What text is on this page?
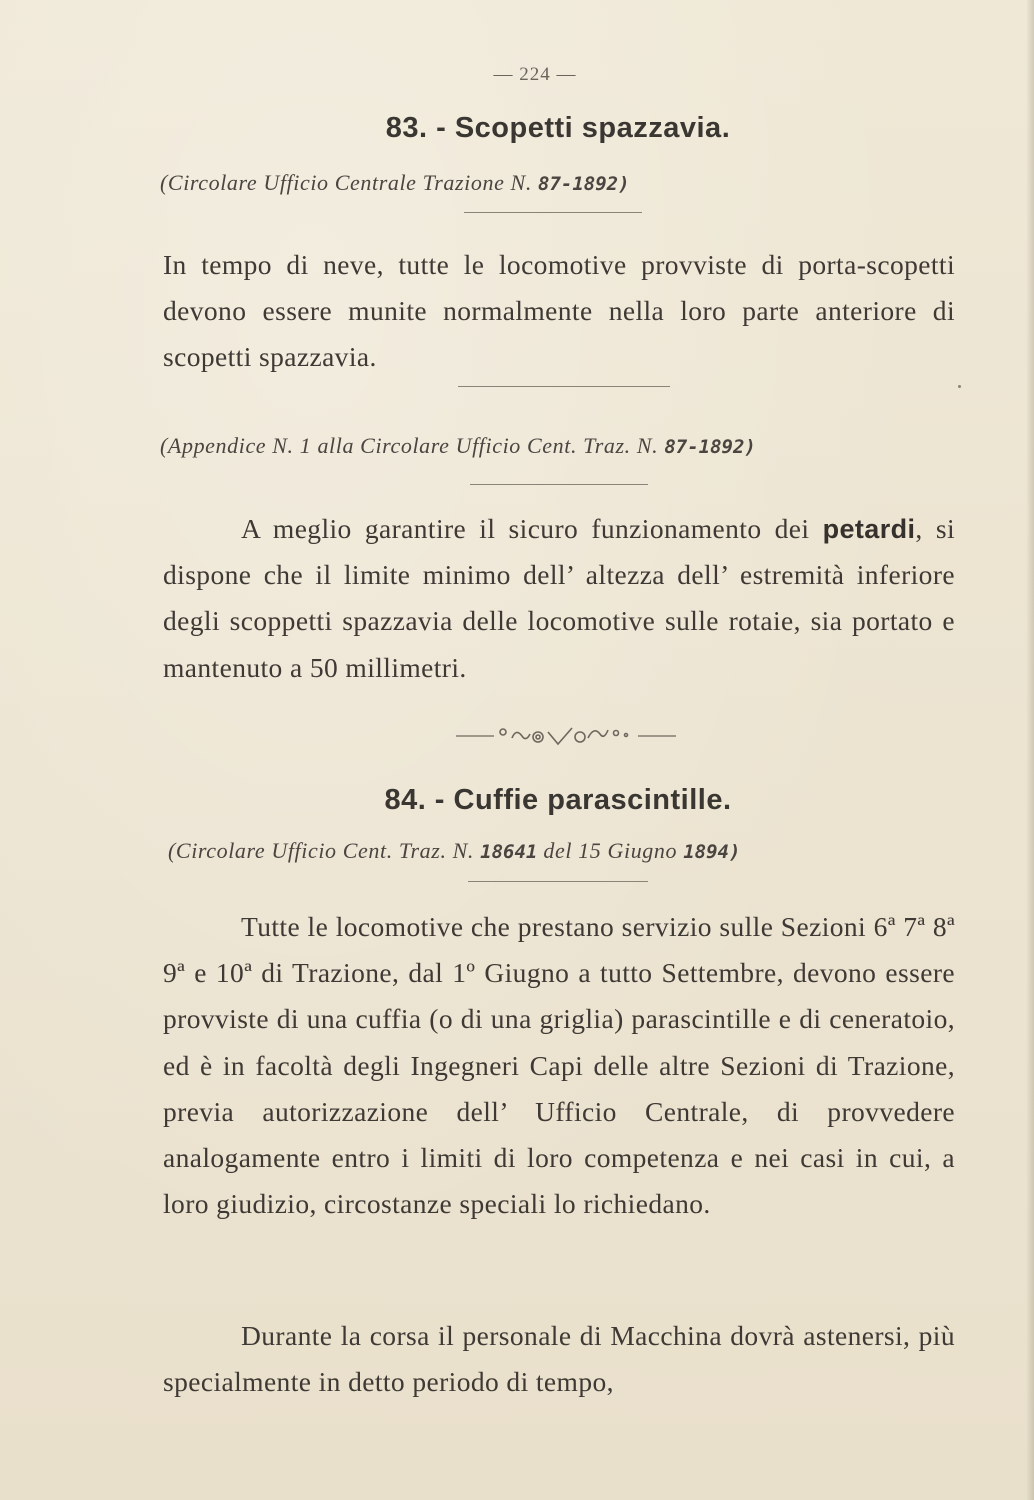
— 224 —
83. - Scopetti spazzavia.
(Circolare Ufficio Centrale Trazione N. 87-1892)
In tempo di neve, tutte le locomotive provviste di porta-scopetti devono essere munite normalmente nella loro parte anteriore di scopetti spazzavia.
(Appendice N. 1 alla Circolare Ufficio Cent. Traz. N. 87-1892)
A meglio garantire il sicuro funzionamento dei petardi, si dispone che il limite minimo dell’ altezza dell’ estremità inferiore degli scoppetti spazzavia delle locomotive sulle rotaie, sia portato e mantenuto a 50 millimetri.
84. - Cuffie parascintille.
(Circolare Ufficio Cent. Traz. N. 18641 del 15 Giugno 1894)
Tutte le locomotive che prestano servizio sulle Sezioni 6ª 7ª 8ª 9ª e 10ª di Trazione, dal 1º Giugno a tutto Settembre, devono essere provviste di una cuffia (o di una griglia) parascintille e di ceneratoio, ed è in facoltà degli Ingegneri Capi delle altre Sezioni di Trazione, previa autorizzazione dell’ Ufficio Centrale, di provvedere analogamente entro i limiti di loro competenza e nei casi in cui, a loro giudizio, circostanze speciali lo richiedano.
Durante la corsa il personale di Macchina dovrà astenersi, più specialmente in detto periodo di tempo,
